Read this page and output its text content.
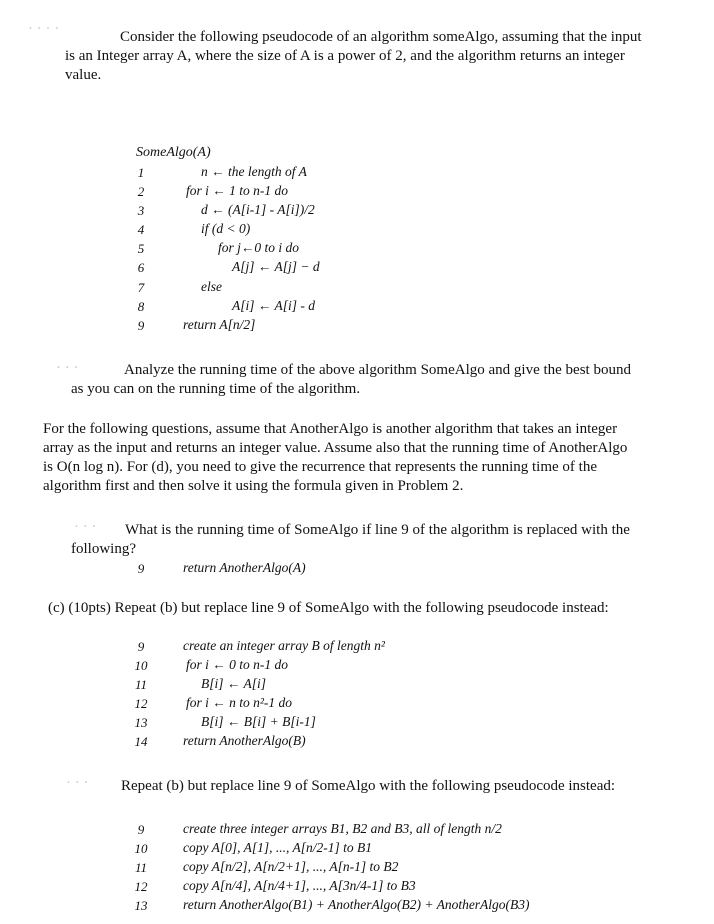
· · · ·
· · ·
· · ·
· · ·
Consider the following pseudocode of an algorithm someAlgo, assuming that the input
is an Integer array A, where the size of A is a power of 2, and the algorithm returns an integer
value.
SomeAlgo(A)
1	n ← the length of A
2	for i ← 1 to n-1 do
3	d ← (A[i-1] - A[i])/2
4	if (d < 0)
5	for j←0 to i do
6	A[j] ← A[j] − d
7	else
8	A[i] ← A[i] - d
9	return A[n/2]
Analyze the running time of the above algorithm SomeAlgo and give the best bound
as you can on the running time of the algorithm.
For the following questions, assume that AnotherAlgo is another algorithm that takes an integer
array as the input and returns an integer value. Assume also that the running time of AnotherAlgo
is O(n log n). For (d), you need to give the recurrence that represents the running time of the
algorithm first and then solve it using the formula given in Problem 2.
What is the running time of SomeAlgo if line 9 of the algorithm is replaced with the
following?
9	return AnotherAlgo(A)
(c) (10pts) Repeat (b) but replace line 9 of SomeAlgo with the following pseudocode instead:
9	create an integer array B of length n²
10	for i ← 0 to n-1 do
11	B[i] ← A[i]
12	for i ← n to n²-1 do
13	B[i] ← B[i] + B[i-1]
14	return AnotherAlgo(B)
Repeat (b) but replace line 9 of SomeAlgo with the following pseudocode instead:
9	create three integer arrays B1, B2 and B3, all of length n/2
10	copy A[0], A[1], ..., A[n/2-1] to B1
11	copy A[n/2], A[n/2+1], ..., A[n-1] to B2
12	copy A[n/4], A[n/4+1], ..., A[3n/4-1] to B3
13	return AnotherAlgo(B1) + AnotherAlgo(B2) + AnotherAlgo(B3)
